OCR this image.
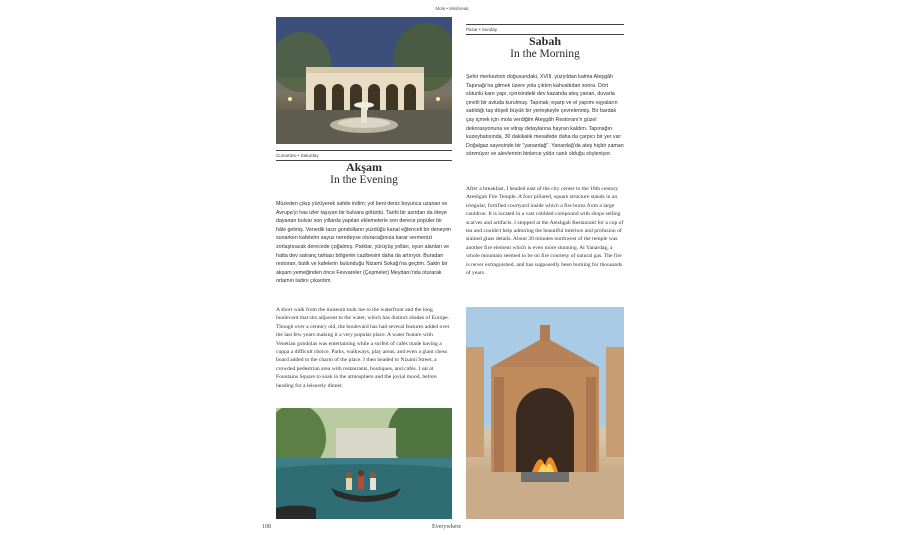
Mola • Minibreak
Cumartesi • Saturday
Akşam
In the Evening

Müzeden çıkıp yürüyerek sahile indim; yol beni deniz boyunca uzanan ve Avrupa'yı has izler taşıyan bir bulvara götürdü. Tarihi bir asırdan da öteye dayanan bulvar son yıllarda yapılan eklemelerle son derece popüler bir hâle gelmiş. Venedik tarzı gondolların yüzdüğü kanal eğlenceli bir deneyim sunarken kafelerin sayısı neredeyse oturacağınıza karar vermenizi zorlaştıracak derecede çoğalmış. Parklar, yürüyüş yolları, oyun alanları ve hatta dev satranç tahtası bölgenin cazibesini daha da artırıyor. Buradan restoran, butik ve kafelerin bulunduğu Nizami Sokağı'na geçtim. Sakin bir akşam yemeğinden önce Fevvareler (Çeşmeler) Meydanı'nda oturarak ortamın tadını çıkardım.

A short walk from the museum took me to the waterfront and the long boulevard that sits adjacent to the water, which has distinct shades of Europe. Though over a century old, the boulevard has had several features added over the last few years making it a very popular place. A water feature with Venetian gondolas was entertaining while a surfeit of cafés made having a cuppa a difficult choice. Parks, walkways, play areas, and even a giant chess board added to the charm of the place. I then headed to Nizami Street, a crowded pedestrian area with restaurants, boutiques, and cafés. I sat at Fountains Square to soak in the atmosphere and the jovial mood, before heading for a leisurely dinner.

Pazar • Sunday
Sabah
In the Morning

Şehir merkezinin doğusundaki, XVIII. yüzyıldan kalma Ateşgâh Tapınağı'na gitmek üzere yola çıktım kahvaltıdan sonra. Dört sütunlu kare yapı, içerisindeki dev kazanda ateş yanan, duvarla çevrili bir avluda kurulmuş. Tapınak; eşarp ve el yapımı eşyaların satıldığı taş döşeli büyük bir yerleşkeyle çevrelenmiş. Bir bardak çay içmek için mola verdiğim Ateşgâh Restoranı'n güzel dekorasyonuna ve vitray detaylarına hayran kaldım. Tapınağın kuzeybatısında, 30 dakikalık mesafede daha da çarpıcı bir yer var: Doğalgaz sayesinde bir "yanardağ". Yanardağ'da ateş hiçbir zaman sönmüyor ve alevlerinin binlerce yıldır canlı olduğu söyleniyor.

After a breakfast, I headed east of the city center to the 18th century Ateshgah Fire Temple. A four pillared, square structure stands in an irregular, fortified courtyard inside which a fire burns from a large cauldron. It is located in a vast cobbled compound with shops selling scarves and artifacts. I stopped at the Ateshgah Restaurant for a cup of tea and couldn't help admiring the beautiful interiors and profusion of stained glass details. About 30 minutes northwest of the temple was another fire element which is even more stunning. At Yanardag, a whole mountain seemed to be on fire courtesy of natural gas. The fire is never extinguished, and has supposedly been burning for thousands of years.

108	Everywhere
